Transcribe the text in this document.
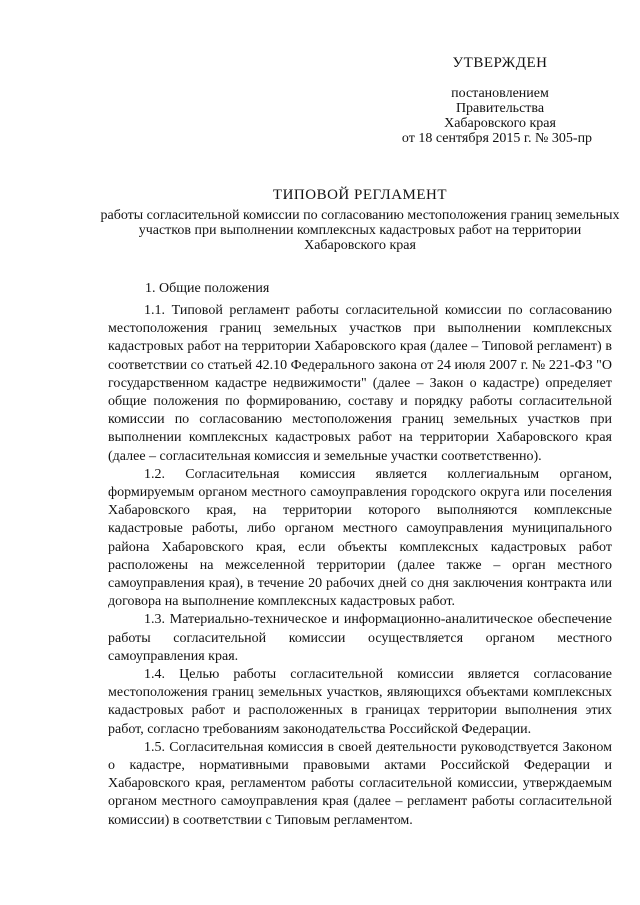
УТВЕРЖДЕН
постановлением
Правительства
Хабаровского края
от 18 сентября 2015 г. № 305-пр
ТИПОВОЙ РЕГЛАМЕНТ
работы согласительной комиссии по согласованию местоположения границ земельных участков при выполнении комплексных кадастровых работ на территории Хабаровского края
1. Общие положения

1.1. Типовой регламент работы согласительной комиссии по согласованию местоположения границ земельных участков при выполнении комплексных кадастровых работ на территории Хабаровского края (далее – Типовой регламент) в соответствии со статьей 42.10 Федерального закона от 24 июля 2007 г. № 221-ФЗ "О государственном кадастре недвижимости" (далее – Закон о кадастре) определяет общие положения по формированию, составу и порядку работы согласительной комиссии по согласованию местоположения границ земельных участков при выполнении комплексных кадастровых работ на территории Хабаровского края (далее – согласительная комиссия и земельные участки соответственно).

1.2. Согласительная комиссия является коллегиальным органом, формируемым органом местного самоуправления городского округа или поселения Хабаровского края, на территории которого выполняются комплексные кадастровые работы, либо органом местного самоуправления муниципального района Хабаровского края, если объекты комплексных кадастровых работ расположены на межселенной территории (далее также – орган местного самоуправления края), в течение 20 рабочих дней со дня заключения контракта или договора на выполнение комплексных кадастровых работ.

1.3. Материально-техническое и информационно-аналитическое обеспечение работы согласительной комиссии осуществляется органом местного самоуправления края.

1.4. Целью работы согласительной комиссии является согласование местоположения границ земельных участков, являющихся объектами комплексных кадастровых работ и расположенных в границах территории выполнения этих работ, согласно требованиям законодательства Российской Федерации.

1.5. Согласительная комиссия в своей деятельности руководствуется Законом о кадастре, нормативными правовыми актами Российской Федерации и Хабаровского края, регламентом работы согласительной комиссии, утверждаемым органом местного самоуправления края (далее – регламент работы согласительной комиссии) в соответствии с Типовым регламентом.
